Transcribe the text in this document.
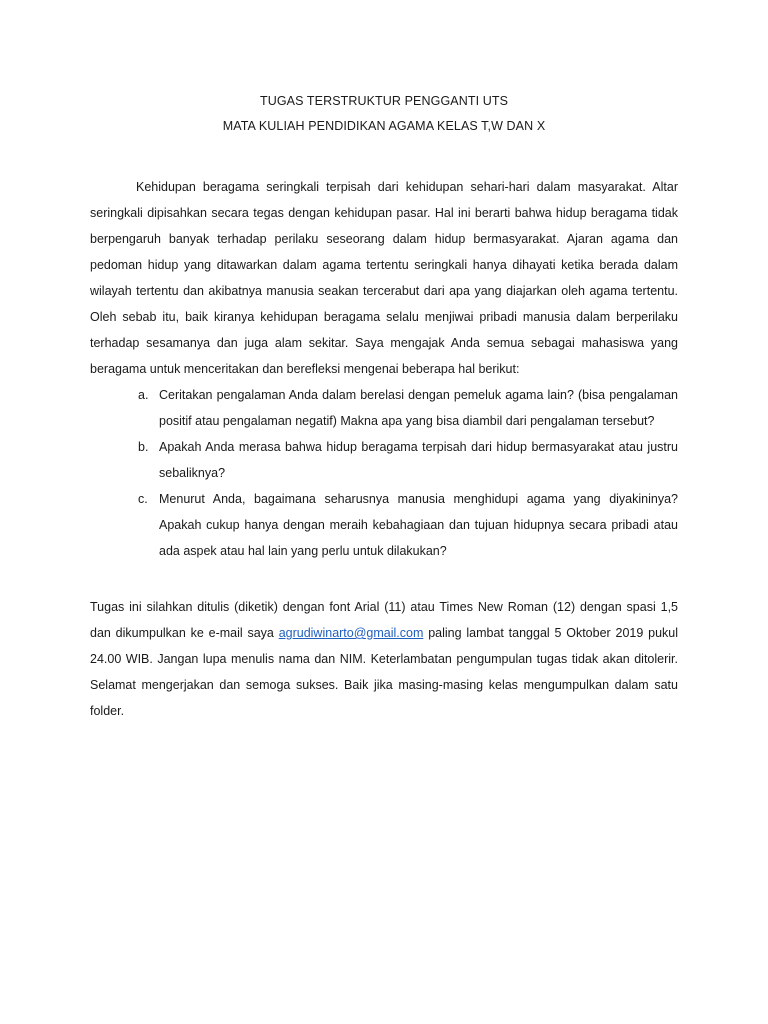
TUGAS TERSTRUKTUR PENGGANTI UTS

MATA KULIAH PENDIDIKAN AGAMA KELAS T,W DAN X

Kehidupan beragama seringkali terpisah dari kehidupan sehari-hari dalam masyarakat. Altar seringkali dipisahkan secara tegas dengan kehidupan pasar. Hal ini berarti bahwa hidup beragama tidak berpengaruh banyak terhadap perilaku seseorang dalam hidup bermasyarakat. Ajaran agama dan pedoman hidup yang ditawarkan dalam agama tertentu seringkali hanya dihayati ketika berada dalam wilayah tertentu dan akibatnya manusia seakan tercerabut dari apa yang diajarkan oleh agama tertentu. Oleh sebab itu, baik kiranya kehidupan beragama selalu menjiwai pribadi manusia dalam berperilaku terhadap sesamanya dan juga alam sekitar. Saya mengajak Anda semua sebagai mahasiswa yang beragama untuk menceritakan dan berefleksi mengenai beberapa hal berikut:

a. Ceritakan pengalaman Anda dalam berelasi dengan pemeluk agama lain? (bisa pengalaman positif atau pengalaman negatif) Makna apa yang bisa diambil dari pengalaman tersebut?
b. Apakah Anda merasa bahwa hidup beragama terpisah dari hidup bermasyarakat atau justru sebaliknya?
c. Menurut Anda, bagaimana seharusnya manusia menghidupi agama yang diyakininya? Apakah cukup hanya dengan meraih kebahagiaan dan tujuan hidupnya secara pribadi atau ada aspek atau hal lain yang perlu untuk dilakukan?

Tugas ini silahkan ditulis (diketik) dengan font Arial (11) atau Times New Roman (12) dengan spasi 1,5 dan dikumpulkan ke e-mail saya agrudiwinarto@gmail.com paling lambat tanggal 5 Oktober 2019 pukul 24.00 WIB. Jangan lupa menulis nama dan NIM. Keterlambatan pengumpulan tugas tidak akan ditolerir. Selamat mengerjakan dan semoga sukses. Baik jika masing-masing kelas mengumpulkan dalam satu folder.
